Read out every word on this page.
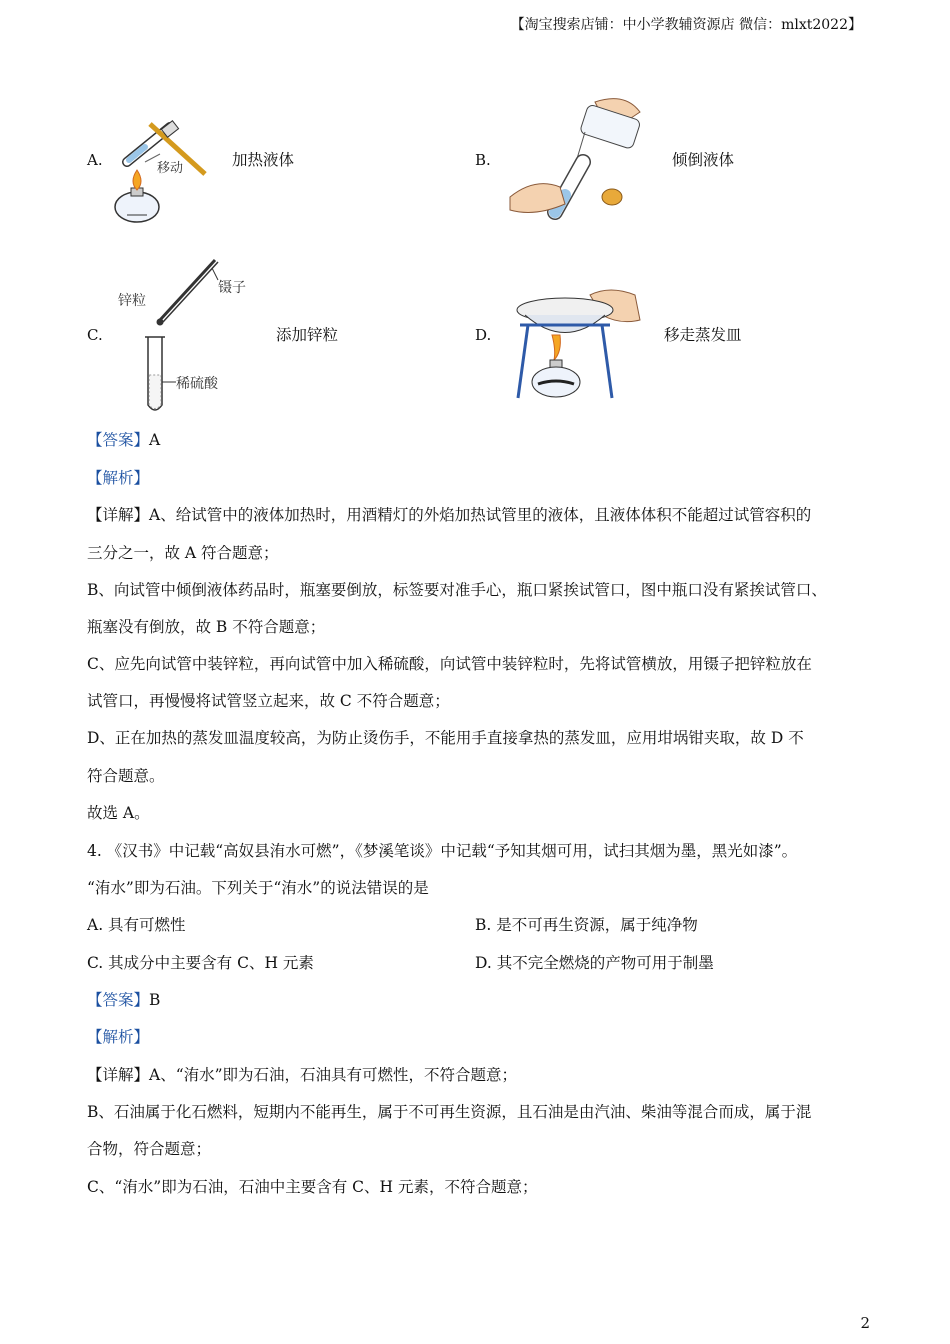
【淘宝搜索店铺：中小学教辅资源店 微信：mlxt2022】
A.	移动	加热液体	B.	倾倒液体
C.
锌粒
镊子
稀硫酸
添加锌粒	D.	移走蒸发皿
【答案】A
【解析】
【详解】A、给试管中的液体加热时，用酒精灯的外焰加热试管里的液体，且液体体积不能超过试管容积的
三分之一，故 A 符合题意；
B、向试管中倾倒液体药品时，瓶塞要倒放，标签要对准手心，瓶口紧挨试管口，图中瓶口没有紧挨试管口、
瓶塞没有倒放，故 B 不符合题意；
C、应先向试管中装锌粒，再向试管中加入稀硫酸，向试管中装锌粒时，先将试管横放，用镊子把锌粒放在
试管口，再慢慢将试管竖立起来，故 C 不符合题意；
D、正在加热的蒸发皿温度较高，为防止烫伤手，不能用手直接拿热的蒸发皿，应用坩埚钳夹取，故 D 不
符合题意。
故选 A。
4. 《汉书》中记载“高奴县洧水可燃”，《梦溪笔谈》中记载“予知其烟可用，试扫其烟为墨，黑光如漆”。
“洧水”即为石油。下列关于“洧水”的说法错误的是
A. 具有可燃性	B. 是不可再生资源，属于纯净物
C. 其成分中主要含有 C、H 元素	D. 其不完全燃烧的产物可用于制墨
【答案】B
【解析】
【详解】A、“洧水”即为石油，石油具有可燃性，不符合题意；
B、石油属于化石燃料，短期内不能再生，属于不可再生资源，且石油是由汽油、柴油等混合而成，属于混
合物，符合题意；
C、“洧水”即为石油，石油中主要含有 C、H 元素，不符合题意；
2
